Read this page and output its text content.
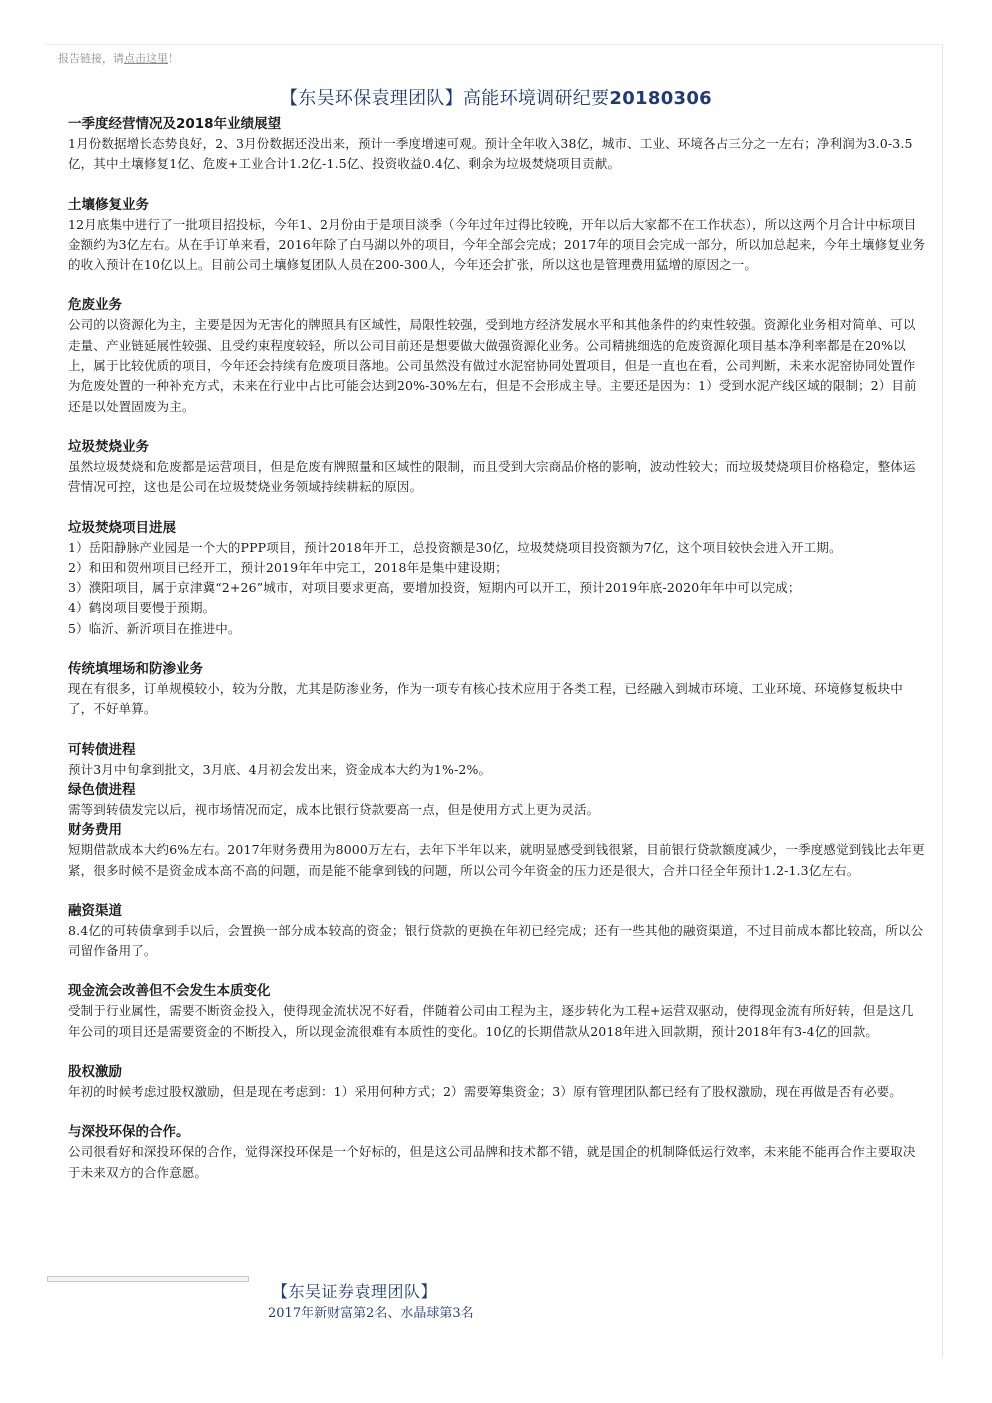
报告链接，请点击这里！
【东吴环保袁理团队】高能环境调研纪要20180306
一季度经营情况及2018年业绩展望
1月份数据增长态势良好，2、3月份数据还没出来，预计一季度增速可观。预计全年收入38亿，城市、工业、环境各占三分之一左右；净利润为3.0-3.5亿，其中土壤修复1亿、危废+工业合计1.2亿-1.5亿、投资收益0.4亿、剩余为垃圾焚烧项目贡献。
土壤修复业务
12月底集中进行了一批项目招投标，今年1、2月份由于是项目淡季（今年过年过得比较晚，开年以后大家都不在工作状态），所以这两个月合计中标项目金额约为3亿左右。从在手订单来看，2016年除了白马湖以外的项目，今年全部会完成；2017年的项目会完成一部分，所以加总起来，今年土壤修复业务的收入预计在10亿以上。目前公司土壤修复团队人员在200-300人，今年还会扩张，所以这也是管理费用猛增的原因之一。
危废业务
公司的以资源化为主，主要是因为无害化的牌照具有区域性，局限性较强，受到地方经济发展水平和其他条件的约束性较强。资源化业务相对简单、可以走量、产业链延展性较强、且受约束程度较轻，所以公司目前还是想要做大做强资源化业务。公司精挑细选的危废资源化项目基本净利率都是在20%以上，属于比较优质的项目，今年还会持续有危废项目落地。公司虽然没有做过水泥窑协同处置项目，但是一直也在看，公司判断，未来水泥窑协同处置作为危废处置的一种补充方式，未来在行业中占比可能会达到20%-30%左右，但是不会形成主导。主要还是因为：1）受到水泥产线区域的限制；2）目前还是以处置固废为主。
垃圾焚烧业务
虽然垃圾焚烧和危废都是运营项目，但是危废有牌照量和区域性的限制，而且受到大宗商品价格的影响，波动性较大；而垃圾焚烧项目价格稳定，整体运营情况可控，这也是公司在垃圾焚烧业务领域持续耕耘的原因。
垃圾焚烧项目进展
1）岳阳静脉产业园是一个大的PPP项目，预计2018年开工，总投资额是30亿，垃圾焚烧项目投资额为7亿，这个项目较快会进入开工期。
2）和田和贺州项目已经开工，预计2019年年中完工，2018年是集中建设期；
3）濮阳项目，属于京津冀“2+26”城市，对项目要求更高，要增加投资，短期内可以开工，预计2019年底-2020年年中可以完成；
4）鹤岗项目要慢于预期。
5）临沂、新沂项目在推进中。
传统填埋场和防渗业务
现在有很多，订单规模较小，较为分散，尤其是防渗业务，作为一项专有核心技术应用于各类工程，已经融入到城市环境、工业环境、环境修复板块中了，不好单算。
可转债进程
预计3月中旬拿到批文，3月底、4月初会发出来，资金成本大约为1%-2%。
绿色债进程
需等到转债发完以后，视市场情况而定，成本比银行贷款要高一点，但是使用方式上更为灵活。
财务费用
短期借款成本大约6%左右。2017年财务费用为8000万左右，去年下半年以来，就明显感受到钱很紧，目前银行贷款额度减少，一季度感觉到钱比去年更紧，很多时候不是资金成本高不高的问题，而是能不能拿到钱的问题，所以公司今年资金的压力还是很大，合并口径全年预计1.2-1.3亿左右。
融资渠道
8.4亿的可转债拿到手以后，会置换一部分成本较高的资金；银行贷款的更换在年初已经完成；还有一些其他的融资渠道，不过目前成本都比较高，所以公司留作备用了。
现金流会改善但不会发生本质变化
受制于行业属性，需要不断资金投入，使得现金流状况不好看，伴随着公司由工程为主，逐步转化为工程+运营双驱动，使得现金流有所好转，但是这几年公司的项目还是需要资金的不断投入，所以现金流很难有本质性的变化。10亿的长期借款从2018年进入回款期，预计2018年有3-4亿的回款。
股权激励
年初的时候考虑过股权激励，但是现在考虑到：1）采用何种方式；2）需要筹集资金；3）原有管理团队都已经有了股权激励，现在再做是否有必要。
与深投环保的合作。
公司很看好和深投环保的合作，觉得深投环保是一个好标的，但是这公司品牌和技术都不错，就是国企的机制降低运行效率，未来能不能再合作主要取决于未来双方的合作意愿。
【东吴证券袁理团队】
2017年新财富第2名、水晶球第3名
